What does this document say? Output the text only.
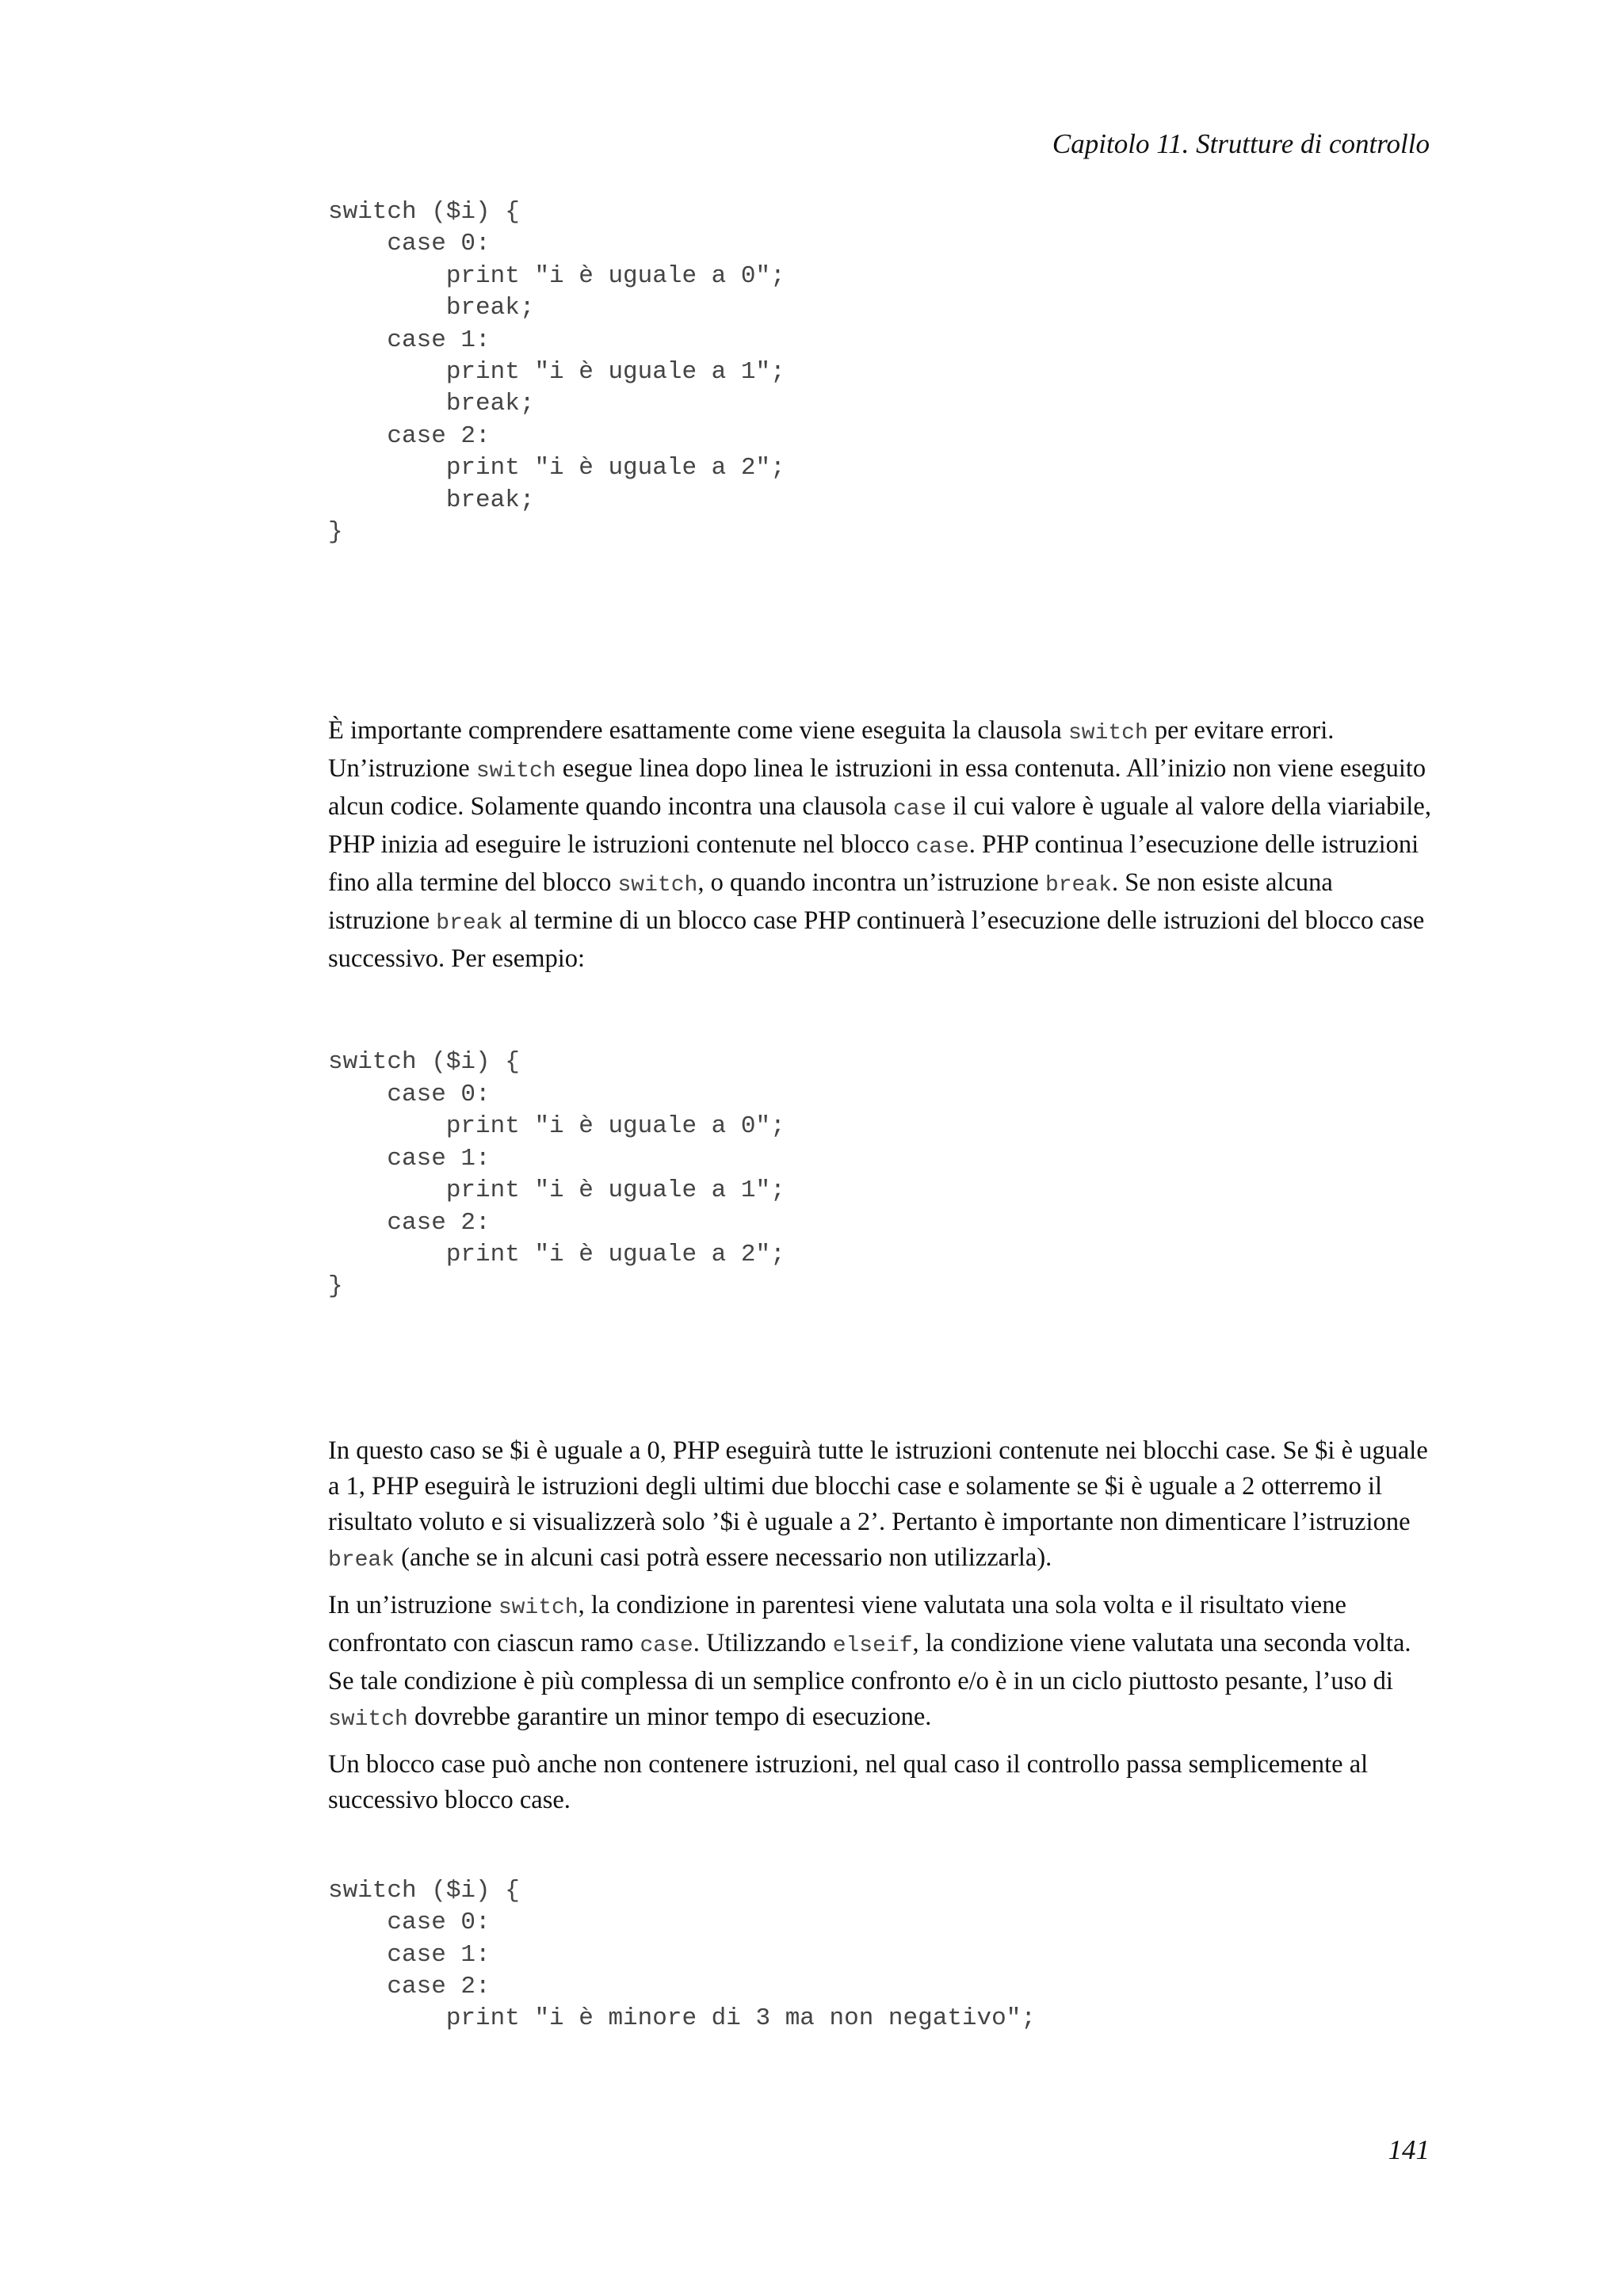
Capitolo 11. Strutture di controllo
switch ($i) {
case 0:
print "i è uguale a 0";
break;
case 1:
print "i è uguale a 1";
break;
case 2:
print "i è uguale a 2";
break;
}

È importante comprendere esattamente come viene eseguita la clausola switch per evitare errori. Un’istruzione switch esegue linea dopo linea le istruzioni in essa contenuta. All’inizio non viene eseguito alcun codice. Solamente quando incontra una clausola case il cui valore è uguale al valore della viariabile, PHP inizia ad eseguire le istruzioni contenute nel blocco case. PHP continua l’esecuzione delle istruzioni fino alla termine del blocco switch, o quando incontra un’istruzione break. Se non esiste alcuna istruzione break al termine di un blocco case PHP continuerà l’esecuzione delle istruzioni del blocco case successivo. Per esempio:

switch ($i) {
case 0:
print "i è uguale a 0";
case 1:
print "i è uguale a 1";
case 2:
print "i è uguale a 2";
}

In questo caso se $i è uguale a 0, PHP eseguirà tutte le istruzioni contenute nei blocchi case. Se $i è uguale a 1, PHP eseguirà le istruzioni degli ultimi due blocchi case e solamente se $i è uguale a 2 otterremo il risultato voluto e si visualizzerà solo ’$i è uguale a 2’. Pertanto è importante non dimenticare l’istruzione break (anche se in alcuni casi potrà essere necessario non utilizzarla).

In un’istruzione switch, la condizione in parentesi viene valutata una sola volta e il risultato viene confrontato con ciascun ramo case. Utilizzando elseif, la condizione viene valutata una seconda volta. Se tale condizione è più complessa di un semplice confronto e/o è in un ciclo piuttosto pesante, l’uso di switch dovrebbe garantire un minor tempo di esecuzione.

Un blocco case può anche non contenere istruzioni, nel qual caso il controllo passa semplicemente al successivo blocco case.

switch ($i) {
case 0:
case 1:
case 2:
print "i è minore di 3 ma non negativo";
141
